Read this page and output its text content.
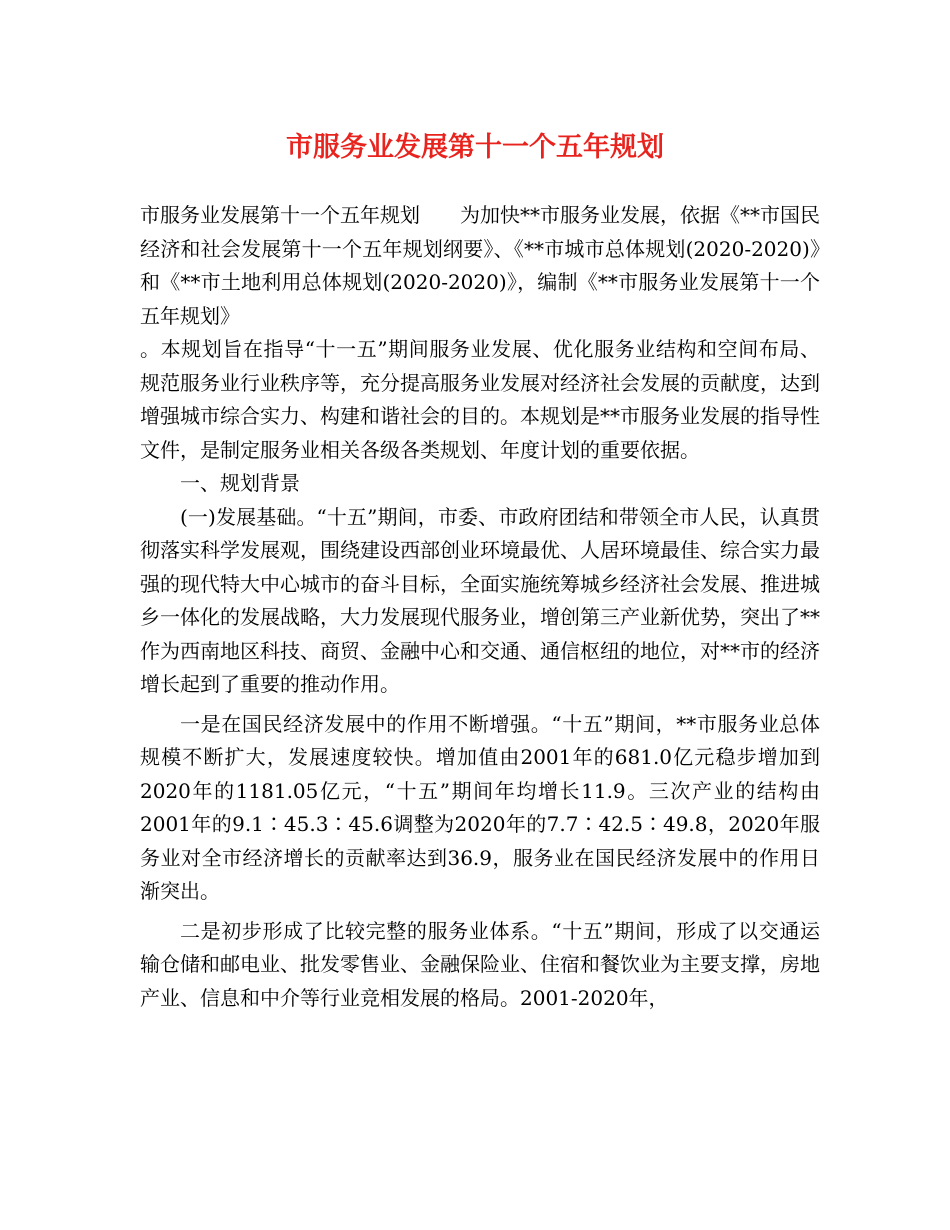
市服务业发展第十一个五年规划

市服务业发展第十一个五年规划   为加快**市服务业发展，依据《**市国民经济和社会发展第十一个五年规划纲要》、《**市城市总体规划(2020-2020)》和《**市土地利用总体规划(2020-2020)》，编制《**市服务业发展第十一个五年规划》

。本规划旨在指导“十一五”期间服务业发展、优化服务业结构和空间布局、规范服务业行业秩序等，充分提高服务业发展对经济社会发展的贡献度，达到增强城市综合实力、构建和谐社会的目的。本规划是**市服务业发展的指导性文件，是制定服务业相关各级各类规划、年度计划的重要依据。

一、规划背景

(一)发展基础。“十五”期间，市委、市政府团结和带领全市人民，认真贯彻落实科学发展观，围绕建设西部创业环境最优、人居环境最佳、综合实力最强的现代特大中心城市的奋斗目标，全面实施统筹城乡经济社会发展、推进城乡一体化的发展战略，大力发展现代服务业，增创第三产业新优势，突出了**作为西南地区科技、商贸、金融中心和交通、通信枢纽的地位，对**市的经济增长起到了重要的推动作用。

一是在国民经济发展中的作用不断增强。“十五”期间，**市服务业总体规模不断扩大，发展速度较快。增加值由2001年的681.0亿元稳步增加到2020年的1181.05亿元，“十五”期间年均增长11.9。三次产业的结构由2001年的9.1∶45.3∶45.6调整为2020年的7.7∶42.5∶49.8，2020年服务业对全市经济增长的贡献率达到36.9，服务业在国民经济发展中的作用日渐突出。

二是初步形成了比较完整的服务业体系。“十五”期间，形成了以交通运输仓储和邮电业、批发零售业、金融保险业、住宿和餐饮业为主要支撑，房地产业、信息和中介等行业竞相发展的格局。2001-2020年，
